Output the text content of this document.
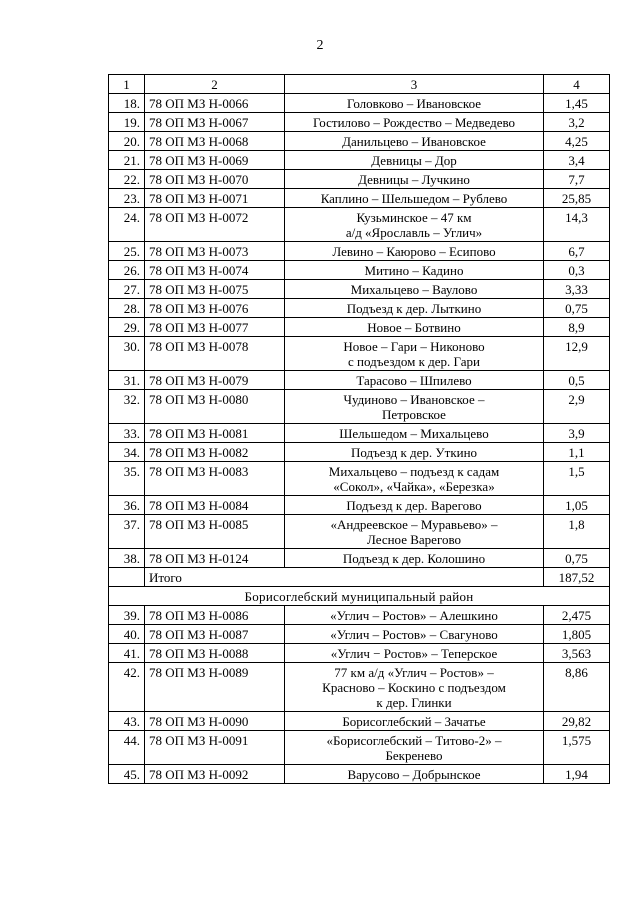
2
1	2	3	4
18.	78 ОП МЗ Н-0066	Головково – Ивановское	1,45
19.	78 ОП МЗ Н-0067	Гостилово – Рождество – Медведево	3,2
20.	78 ОП МЗ Н-0068	Данильцево – Ивановское	4,25
21.	78 ОП МЗ Н-0069	Девницы – Дор	3,4
22.	78 ОП МЗ Н-0070	Девницы – Лучкино	7,7
23.	78 ОП МЗ Н-0071	Каплино – Шельшедом – Рублево	25,85
24.	78 ОП МЗ Н-0072	Кузьминское – 47 км
а/д «Ярославль – Углич»	14,3
25.	78 ОП МЗ Н-0073	Левино – Каюрово – Есипово	6,7
26.	78 ОП МЗ Н-0074	Митино – Кадино	0,3
27.	78 ОП МЗ Н-0075	Михальцево – Ваулово	3,33
28.	78 ОП МЗ Н-0076	Подъезд к дер. Лыткино	0,75
29.	78 ОП МЗ Н-0077	Новое – Ботвино	8,9
30.	78 ОП МЗ Н-0078	Новое – Гари – Никоново
с подъездом к дер. Гари	12,9
31.	78 ОП МЗ Н-0079	Тарасово – Шпилево	0,5
32.	78 ОП МЗ Н-0080	Чудиново – Ивановское –
Петровское	2,9
33.	78 ОП МЗ Н-0081	Шельшедом – Михальцево	3,9
34.	78 ОП МЗ Н-0082	Подъезд к дер. Уткино	1,1
35.	78 ОП МЗ Н-0083	Михальцево – подъезд к садам
«Сокол», «Чайка», «Березка»	1,5
36.	78 ОП МЗ Н-0084	Подъезд к дер. Варегово	1,05
37.	78 ОП МЗ Н-0085	«Андреевское – Муравьево» –
Лесное Варегово	1,8
38.	78 ОП МЗ Н-0124	Подъезд к дер. Колошино	0,75
	Итого		187,52
Борисоглебский муниципальный район			
39.	78 ОП МЗ Н-0086	«Углич – Ростов» – Алешкино	2,475
40.	78 ОП МЗ Н-0087	«Углич – Ростов» – Свагуново	1,805
41.	78 ОП МЗ Н-0088	«Углич − Ростов» – Теперское	3,563
42.	78 ОП МЗ Н-0089	77 км а/д «Углич – Ростов» –
Красново – Коскино с подъездом
к дер. Глинки	8,86
43.	78 ОП МЗ Н-0090	Борисоглебский – Зачатье	29,82
44.	78 ОП МЗ Н-0091	«Борисоглебский – Титово-2» –
Бекренево	1,575
45.	78 ОП МЗ Н-0092	Варусово – Добрынское	1,94
